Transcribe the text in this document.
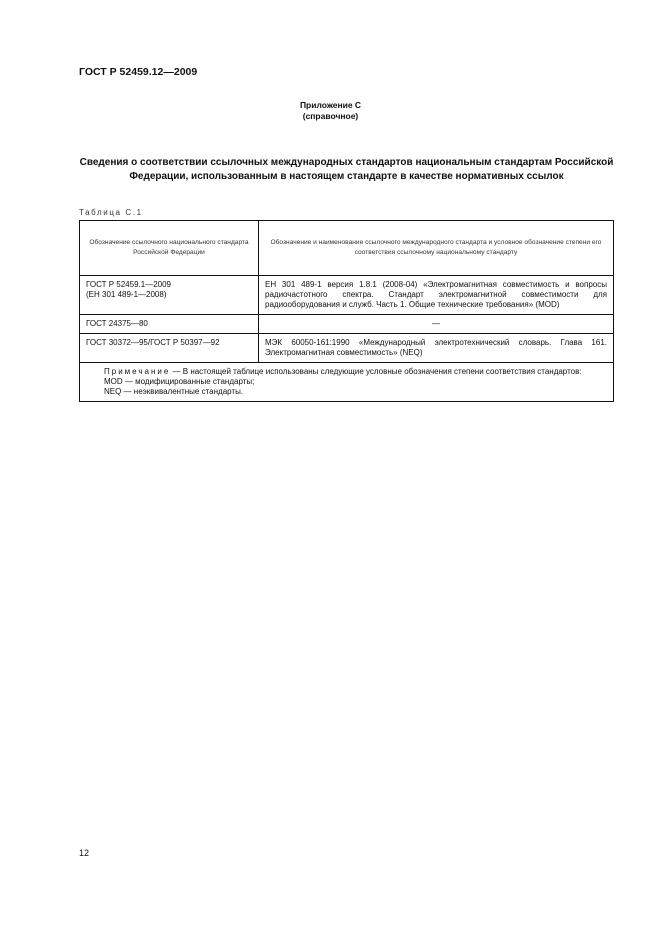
ГОСТ Р 52459.12—2009
Приложение С
(справочное)
Сведения о соответствии ссылочных международных стандартов национальным стандартам Российской Федерации, использованным в настоящем стандарте в качестве нормативных ссылок
Таблица С.1
Обозначение ссылочного национального стандарта Российской Федерации	Обозначение и наименование ссылочного международного стандарта и условное обозначение степени его соответствия ссылочному национальному стандарту

ГОСТ Р 52459.1—2009
(ЕН 301 489-1—2008)	ЕН 301 489-1 версия 1.8.1 (2008-04) «Электромагнитная совместимость и вопросы радиочастотного спектра. Стандарт электромагнитной совместимости для радиооборудования и служб. Часть 1. Общие технические требования» (MOD)
ГОСТ 24375—80	—
ГОСТ 30372—95/ГОСТ Р 50397—92	МЭК 60050-161:1990 «Международный электротехнический словарь. Глава 161. Электромагнитная совместимость» (NEQ)

Примечание — В настоящей таблице использованы следующие условные обозначения степени соответствия стандартов:
MOD — модифицированные стандарты;
NEQ — неэквивалентные стандарты.	
12
